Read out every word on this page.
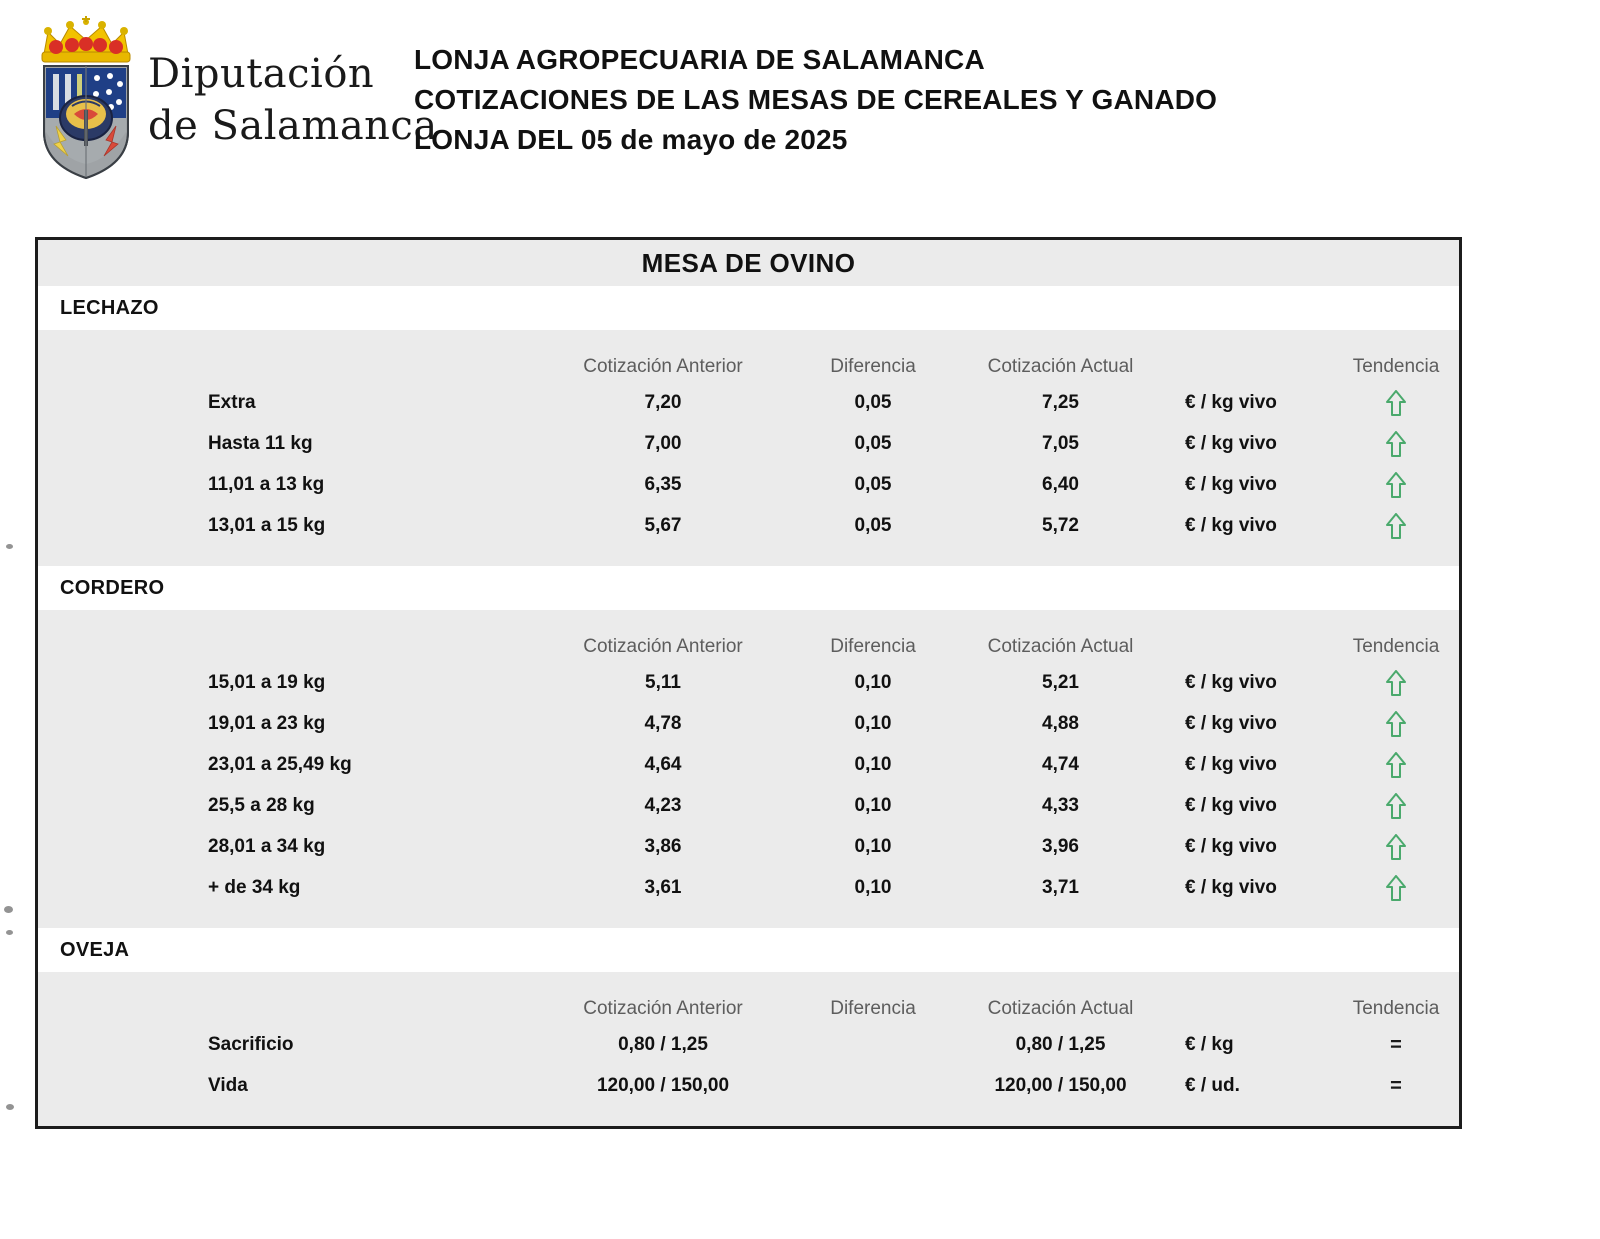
Diputación
de Salamanca
LONJA AGROPECUARIA DE SALAMANCA
COTIZACIONES DE LAS MESAS DE CEREALES Y GANADO
LONJA DEL 05 de mayo de 2025
MESA DE OVINO
LECHAZO
	Cotización Anterior	Diferencia	Cotización Actual		Tendencia
Extra	7,20	0,05	7,25	€ / kg vivo	

Hasta 11 kg	7,00	0,05	7,05	€ / kg vivo	

11,01 a 13 kg	6,35	0,05	6,40	€ / kg vivo	

13,01 a 15 kg	5,67	0,05	5,72	€ / kg vivo	
CORDERO
	Cotización Anterior	Diferencia	Cotización Actual		Tendencia
15,01 a 19 kg	5,11	0,10	5,21	€ / kg vivo	

19,01 a 23 kg	4,78	0,10	4,88	€ / kg vivo	

23,01 a 25,49 kg	4,64	0,10	4,74	€ / kg vivo	

25,5 a 28 kg	4,23	0,10	4,33	€ / kg vivo	

28,01 a 34 kg	3,86	0,10	3,96	€ / kg vivo	

+ de 34 kg	3,61	0,10	3,71	€ / kg vivo	
OVEJA
	Cotización Anterior	Diferencia	Cotización Actual		Tendencia
Sacrificio	0,80 / 1,25		0,80 / 1,25	€ / kg	=
Vida	120,00 / 150,00		120,00 / 150,00	€ / ud.	=
